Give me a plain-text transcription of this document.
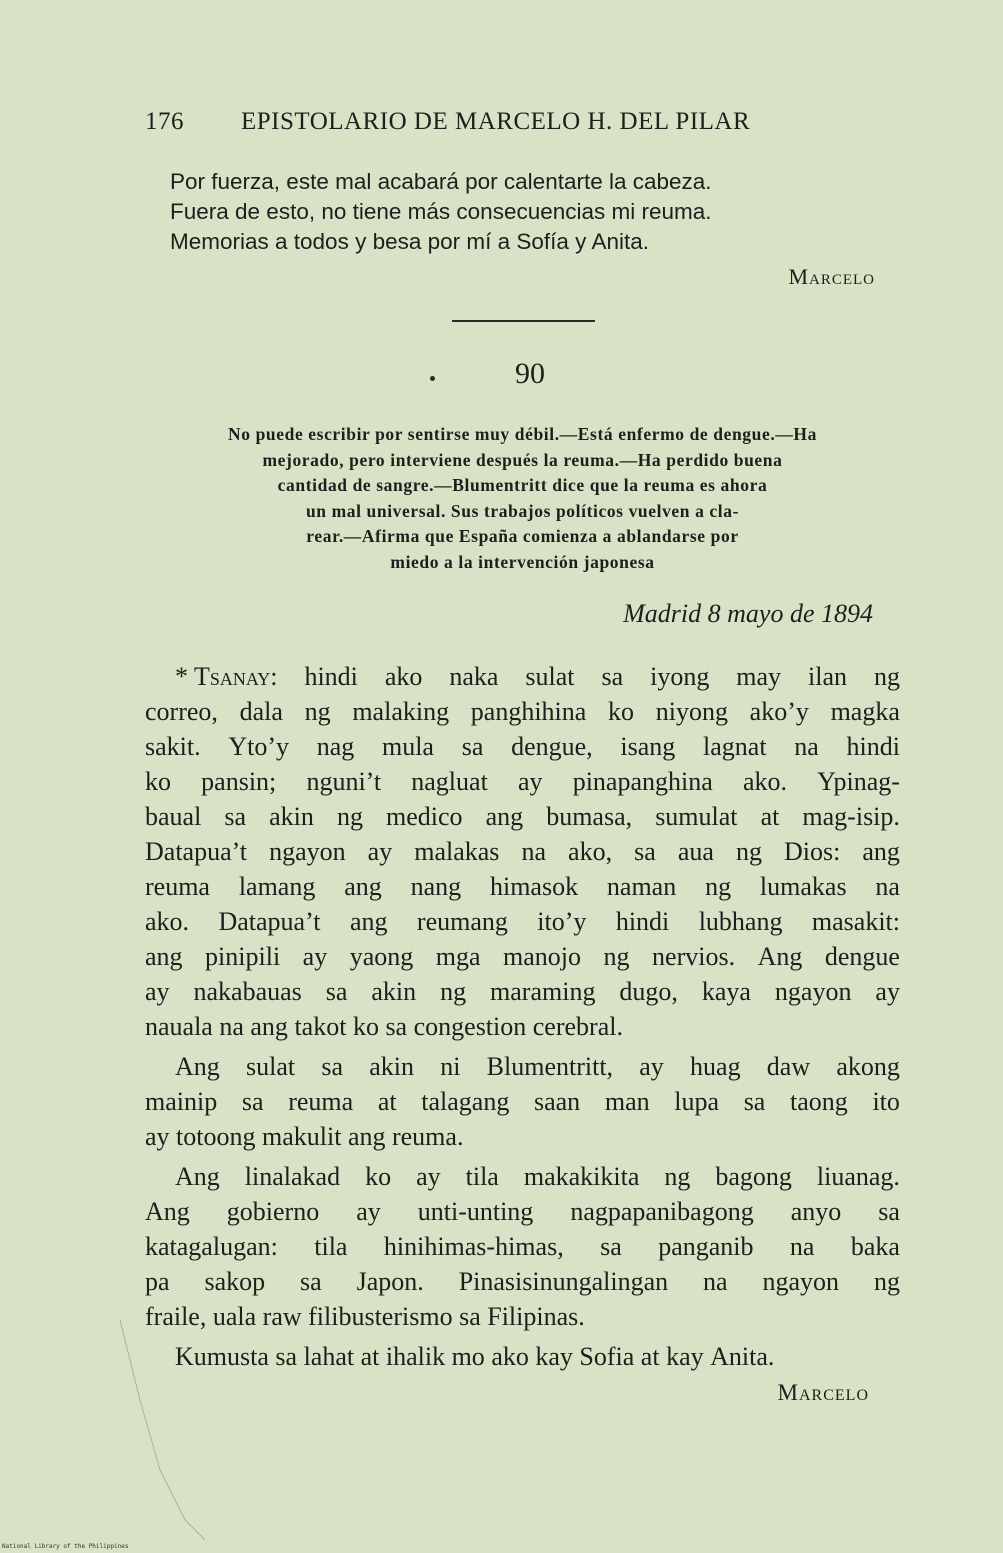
176 EPISTOLARIO DE MARCELO H. DEL PILAR

Por fuerza, este mal acabará por calentarte la cabeza.

Fuera de esto, no tiene más consecuencias mi reuma.

Memorias a todos y besa por mí a Sofía y Anita.

Marcelo
90
No puede escribir por sentirse muy débil.—Está enfermo de dengue.—Ha
mejorado, pero interviene después la reuma.—Ha perdido buena
cantidad de sangre.—Blumentritt dice que la reuma es ahora
un mal universal. Sus trabajos políticos vuelven a cla-
rear.—Afirma que España comienza a ablandarse por
miedo a la intervención japonesa
Madrid 8 mayo de 1894
* Tsanay: hindi ako naka sulat sa iyong may ilan ng
correo, dala ng malaking panghihina ko niyong ako’y magka
sakit. Yto’y nag mula sa dengue, isang lagnat na hindi
ko pansin; nguni’t nagluat ay pinapanghina ako. Ypinag-
baual sa akin ng medico ang bumasa, sumulat at mag-isip.
Datapua’t ngayon ay malakas na ako, sa aua ng Dios: ang
reuma lamang ang nang himasok naman ng lumakas na
ako. Datapua’t ang reumang ito’y hindi lubhang masakit:
ang pinipili ay yaong mga manojo ng nervios. Ang dengue
ay nakabauas sa akin ng maraming dugo, kaya ngayon ay
nauala
na
ang
takot
ko
sa
congestion
cerebral.
Ang sulat sa akin ni Blumentritt, ay huag daw akong
mainip sa reuma at talagang saan man lupa sa taong ito
ay
totoong
makulit
ang
reuma.
Ang linalakad ko ay tila makakikita ng bagong liuanag.
Ang gobierno ay unti-unting nagpapanibagong anyo sa
katagalugan: tila hinihimas-himas, sa panganib na baka
pa sakop sa Japon. Pinasisinungalingan na ngayon ng
fraile,
uala
raw
filibusterismo
sa
Filipinas.
Kumusta
sa
lahat
at
ihalik
mo
ako
kay
Sofia
at
kay
Anita.
Marcelo
National Library of the Philippines
